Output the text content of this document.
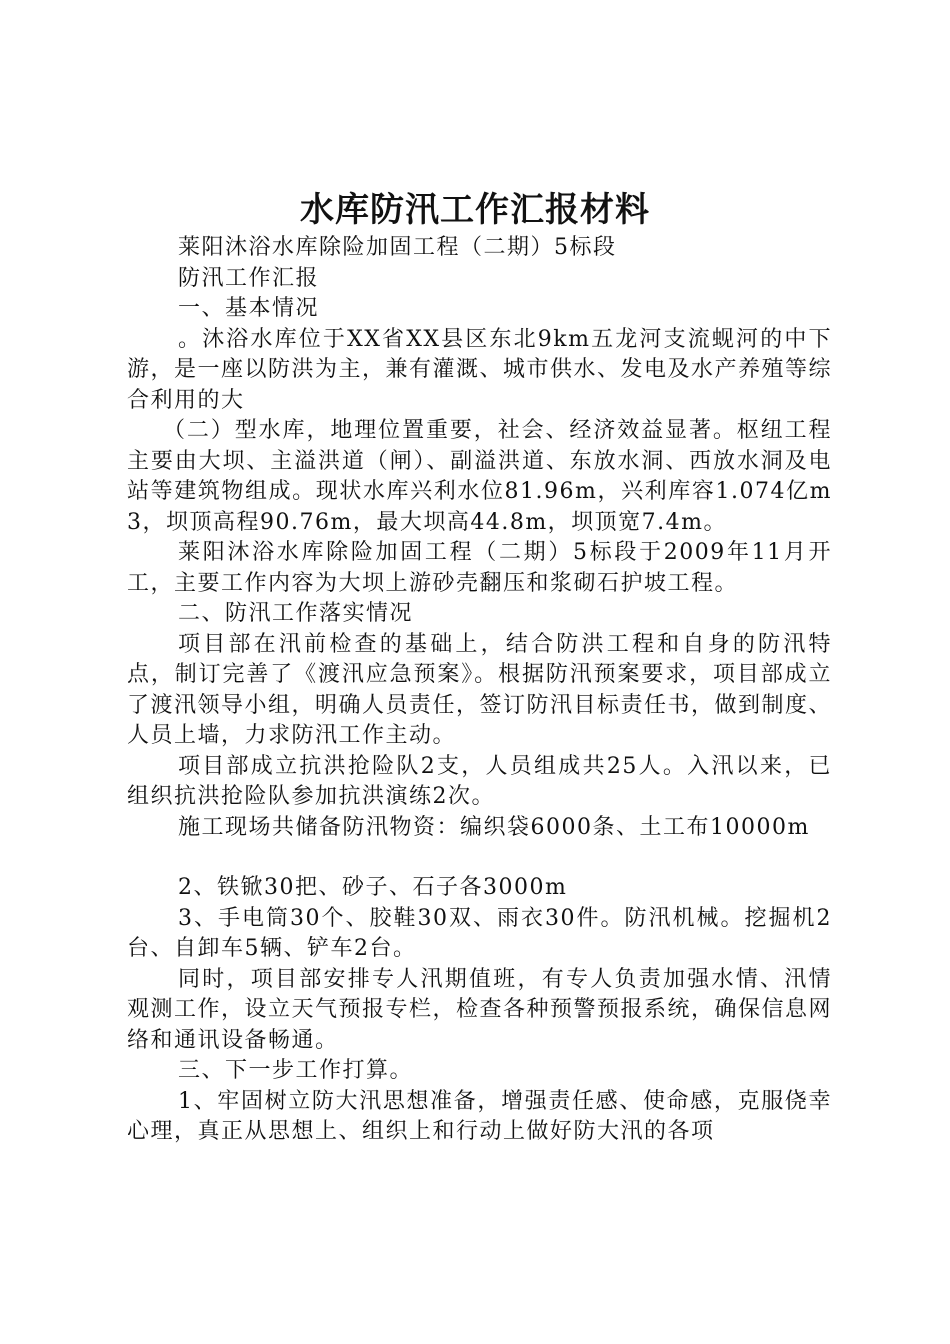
水库防汛工作汇报材料

莱阳沐浴水库除险加固工程（二期）5标段

防汛工作汇报

一、基本情况

。沐浴水库位于XX省XX县区东北9km五龙河支流蚬河的中下游，是一座以防洪为主，兼有灌溉、城市供水、发电及水产养殖等综合利用的大

（二）型水库，地理位置重要，社会、经济效益显著。枢纽工程主要由大坝、主溢洪道（闸）、副溢洪道、东放水洞、西放水洞及电站等建筑物组成。现状水库兴利水位81.96m，兴利库容1.074亿m3，坝顶高程90.76m，最大坝高44.8m，坝顶宽7.4m。

莱阳沐浴水库除险加固工程（二期）5标段于2009年11月开工，主要工作内容为大坝上游砂壳翻压和浆砌石护坡工程。

二、防汛工作落实情况

项目部在汛前检查的基础上，结合防洪工程和自身的防汛特点，制订完善了《渡汛应急预案》。根据防汛预案要求，项目部成立了渡汛领导小组，明确人员责任，签订防汛目标责任书，做到制度、人员上墙，力求防汛工作主动。

项目部成立抗洪抢险队2支，人员组成共25人。入汛以来，已组织抗洪抢险队参加抗洪演练2次。

施工现场共储备防汛物资：编织袋6000条、土工布10000m

2、铁锨30把、砂子、石子各3000m

3、手电筒30个、胶鞋30双、雨衣30件。防汛机械。挖掘机2台、自卸车5辆、铲车2台。

同时，项目部安排专人汛期值班，有专人负责加强水情、汛情观测工作，设立天气预报专栏，检查各种预警预报系统，确保信息网络和通讯设备畅通。

三、下一步工作打算。

1、牢固树立防大汛思想准备，增强责任感、使命感，克服侥幸心理，真正从思想上、组织上和行动上做好防大汛的各项
